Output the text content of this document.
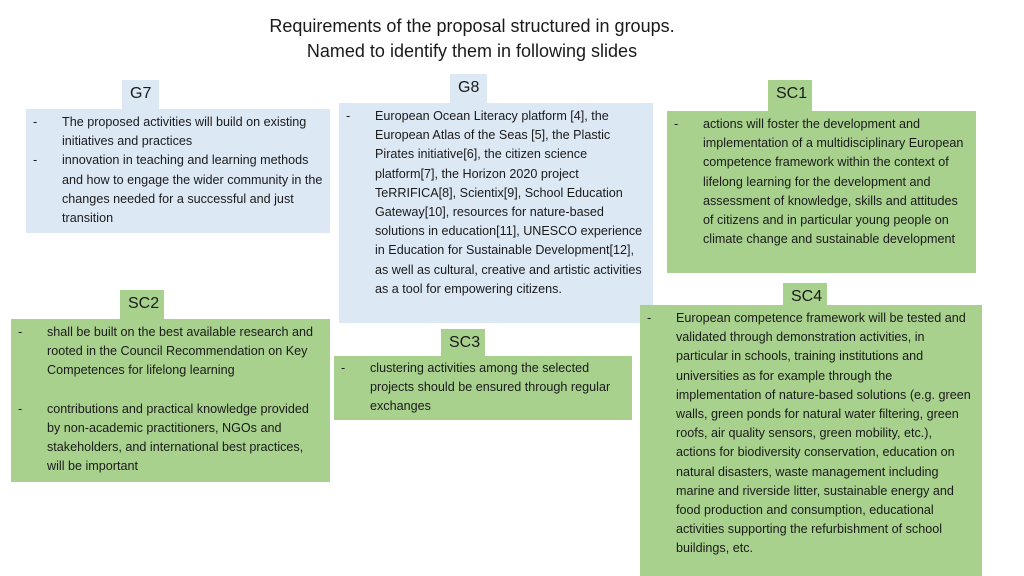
Requirements of the proposal structured in groups.
Named to identify them in following slides
G7
- The proposed activities will build on existing initiatives and practices
- innovation in teaching and learning methods and how to engage the wider community in the changes needed for a successful and just transition
G8
- European Ocean Literacy platform [4], the European Atlas of the Seas [5], the Plastic Pirates initiative[6], the citizen science platform[7], the Horizon 2020 project TeRRIFICA[8], Scientix[9], School Education Gateway[10], resources for nature-based solutions in education[11], UNESCO experience in Education for Sustainable Development[12], as well as cultural, creative and artistic activities as a tool for empowering citizens.
SC1
- actions will foster the development and implementation of a multidisciplinary European competence framework within the context of lifelong learning for the development and assessment of knowledge, skills and attitudes of citizens and in particular young people on climate change and sustainable development
SC2
- shall be built on the best available research and rooted in the Council Recommendation on Key Competences for lifelong learning
- contributions and practical knowledge provided by non-academic practitioners, NGOs and stakeholders, and international best practices, will be important
SC3
- clustering activities among the selected projects should be ensured through regular exchanges
SC4
- European competence framework will be tested and validated through demonstration activities, in particular in schools, training institutions and universities as for example through the implementation of nature-based solutions (e.g. green walls, green ponds for natural water filtering, green roofs, air quality sensors, green mobility, etc.), actions for biodiversity conservation, education on natural disasters, waste management including marine and riverside litter, sustainable energy and food production and consumption, educational activities supporting the refurbishment of school buildings, etc.
